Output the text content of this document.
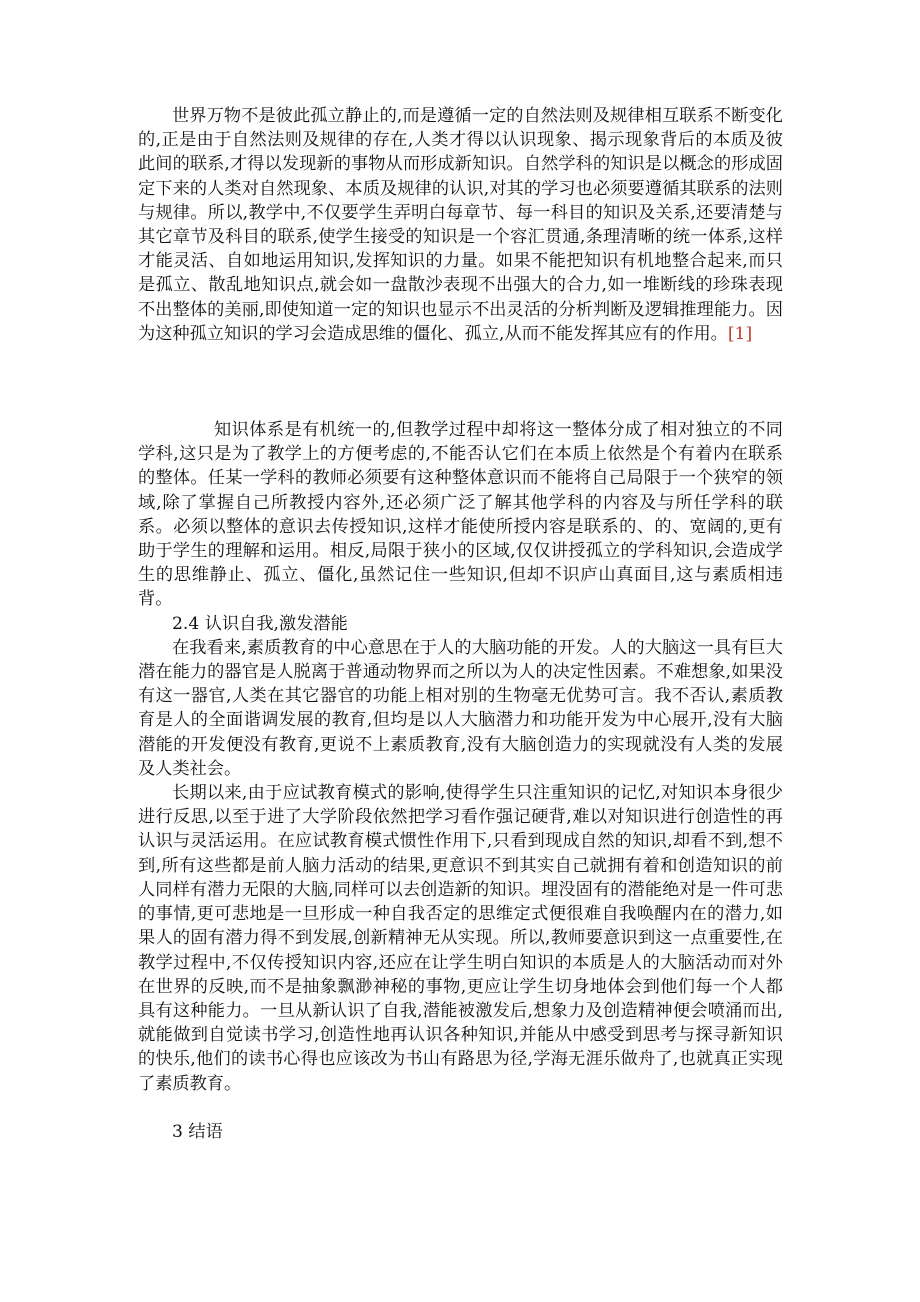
世界万物不是彼此孤立静止的,而是遵循一定的自然法则及规律相互联系不断变化的,正是由于自然法则及规律的存在,人类才得以认识现象、揭示现象背后的本质及彼此间的联系,才得以发现新的事物从而形成新知识。自然学科的知识是以概念的形成固定下来的人类对自然现象、本质及规律的认识,对其的学习也必须要遵循其联系的法则与规律。所以,教学中,不仅要学生弄明白每章节、每一科目的知识及关系,还要清楚与其它章节及科目的联系,使学生接受的知识是一个容汇贯通,条理清晰的统一体系,这样才能灵活、自如地运用知识,发挥知识的力量。如果不能把知识有机地整合起来,而只是孤立、散乱地知识点,就会如一盘散沙表现不出强大的合力,如一堆断线的珍珠表现不出整体的美丽,即使知道一定的知识也显示不出灵活的分析判断及逻辑推理能力。因为这种孤立知识的学习会造成思维的僵化、孤立,从而不能发挥其应有的作用。[1]

知识体系是有机统一的,但教学过程中却将这一整体分成了相对独立的不同学科,这只是为了教学上的方便考虑的,不能否认它们在本质上依然是个有着内在联系的整体。任某一学科的教师必须要有这种整体意识而不能将自己局限于一个狭窄的领域,除了掌握自己所教授内容外,还必须广泛了解其他学科的内容及与所任学科的联系。必须以整体的意识去传授知识,这样才能使所授内容是联系的、的、宽阔的,更有助于学生的理解和运用。相反,局限于狭小的区域,仅仅讲授孤立的学科知识,会造成学生的思维静止、孤立、僵化,虽然记住一些知识,但却不识庐山真面目,这与素质相违背。

2.4 认识自我,激发潜能

在我看来,素质教育的中心意思在于人的大脑功能的开发。人的大脑这一具有巨大潜在能力的器官是人脱离于普通动物界而之所以为人的决定性因素。不难想象,如果没有这一器官,人类在其它器官的功能上相对别的生物毫无优势可言。我不否认,素质教育是人的全面谐调发展的教育,但均是以人大脑潜力和功能开发为中心展开,没有大脑潜能的开发便没有教育,更说不上素质教育,没有大脑创造力的实现就没有人类的发展及人类社会。

长期以来,由于应试教育模式的影响,使得学生只注重知识的记忆,对知识本身很少进行反思,以至于进了大学阶段依然把学习看作强记硬背,难以对知识进行创造性的再认识与灵活运用。在应试教育模式惯性作用下,只看到现成自然的知识,却看不到,想不到,所有这些都是前人脑力活动的结果,更意识不到其实自己就拥有着和创造知识的前人同样有潜力无限的大脑,同样可以去创造新的知识。埋没固有的潜能绝对是一件可悲的事情,更可悲地是一旦形成一种自我否定的思维定式便很难自我唤醒内在的潜力,如果人的固有潜力得不到发展,创新精神无从实现。所以,教师要意识到这一点重要性,在教学过程中,不仅传授知识内容,还应在让学生明白知识的本质是人的大脑活动而对外在世界的反映,而不是抽象飘渺神秘的事物,更应让学生切身地体会到他们每一个人都具有这种能力。一旦从新认识了自我,潜能被激发后,想象力及创造精神便会喷涌而出,就能做到自觉读书学习,创造性地再认识各种知识,并能从中感受到思考与探寻新知识的快乐,他们的读书心得也应该改为书山有路思为径,学海无涯乐做舟了,也就真正实现了素质教育。

3 结语
